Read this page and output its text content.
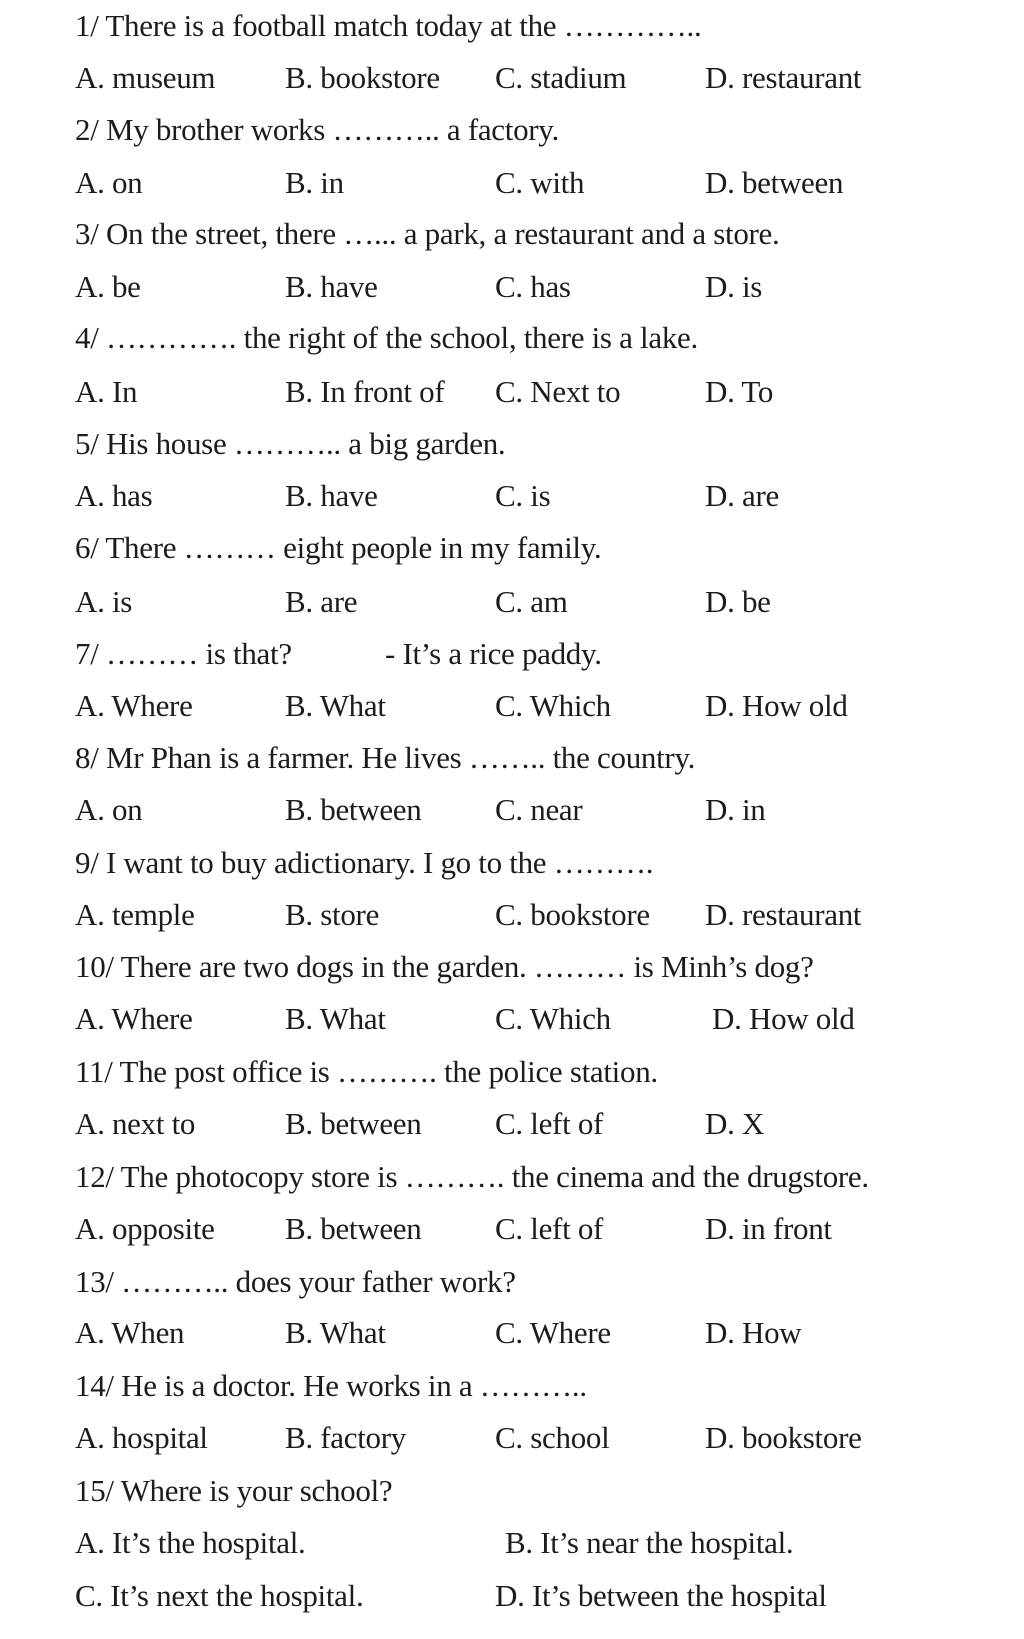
1/ There is a football match today at the …………..
A. museum B. bookstore C. stadium	D. restaurant
2/ My brother works ……….. a factory.
A. on	B. in	C. with	D. between
3/ On the street, there …... a park, a restaurant and a store.
A. be	B. have	C. has	D. is
4/ …………. the right of the school, there is a lake.
A. In	B. In front of C. Next to	D. To
5/ His house ……….. a big garden.
A. has	B. have	C. is	D. are
6/ There ……… eight people in my family.
A. is	B. are	C. am	D. be
7/ ……… is that?	- It’s a rice paddy.
A. Where	B. What	C. Which	D. How old
8/ Mr Phan is a farmer. He lives …….. the country.
A. on	B. between C. near	D. in
9/ I want to buy adictionary. I go to the ……….
A. temple	B. store	C. bookstore D. restaurant
10/ There are two dogs in the garden. ……… is Minh’s dog?
A. Where	B. What	C. Which	D. How old
11/ The post office is ………. the police station.
A. next to	B. between C. left of	D. X
12/ The photocopy store is ………. the cinema and the drugstore.
A. opposite B. between C. left of	D. in front
13/ ……….. does your father work?
A. When	B. What	C. Where	D. How
14/ He is a doctor. He works in a ………..
A. hospital B. factory	C. school	D. bookstore
15/ Where is your school?
A. It’s the hospital.	B. It’s near the hospital.
C. It’s next the hospital.	D. It’s between the hospital
